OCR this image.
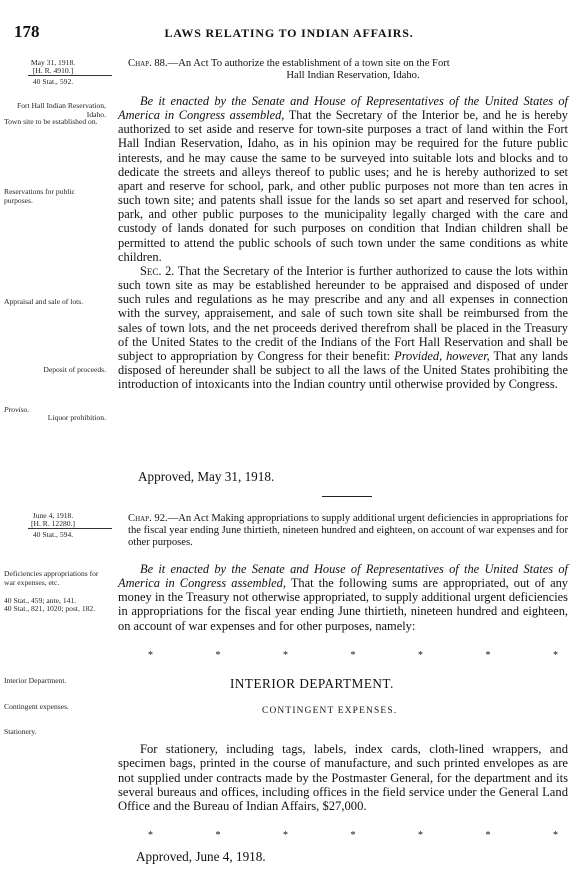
178	LAWS RELATING TO INDIAN AFFAIRS.
May 31, 1918.
[H. R. 4910.]
40 Stat., 592.
Fort Hall Indian Reservation, Idaho.
Town site to be established on.
Reservations for public purposes.
Appraisal and sale of lots.
Deposit of proceeds.
Proviso.
Liquor prohibition.
June 4, 1918.
[H. R. 12280.]
40 Stat., 594.
Deficiencies appropriations for war expenses, etc.
40 Stat., 459; ante, 141.
40 Stat., 821, 1020; post, 182.
Interior Department.
Contingent expenses.
Stationery.
Chap. 88.—An Act To authorize the establishment of a town site on the Fort
Hall Indian Reservation, Idaho.

Be it enacted by the Senate and House of Representatives of the United States of America in Congress assembled, That the Secretary of the Interior be, and he is hereby authorized to set aside and reserve for town-site purposes a tract of land within the Fort Hall Indian Reservation, Idaho, as in his opinion may be required for the future public interests, and he may cause the same to be surveyed into suitable lots and blocks and to dedicate the streets and alleys thereof to public uses; and he is hereby authorized to set apart and reserve for school, park, and other public purposes not more than ten acres in such town site; and patents shall issue for the lands so set apart and reserved for school, park, and other public purposes to the municipality legally charged with the care and custody of lands donated for such purposes on condition that Indian children shall be permitted to attend the public schools of such town under the same conditions as white children.

Sec. 2. That the Secretary of the Interior is further authorized to cause the lots within such town site as may be established hereunder to be appraised and disposed of under such rules and regulations as he may prescribe and any and all expenses in connection with the survey, appraisement, and sale of such town site shall be reimbursed from the sales of town lots, and the net proceeds derived therefrom shall be placed in the Treasury of the United States to the credit of the Indians of the Fort Hall Reservation and shall be subject to appropriation by Congress for their benefit: Provided, however, That any lands disposed of hereunder shall be subject to all the laws of the United States prohibiting the introduction of intoxicants into the Indian country until otherwise provided by Congress.

Approved, May 31, 1918.
Chap. 92.—An Act Making appropriations to supply additional urgent deficiencies in appropriations for the fiscal year ending June thirtieth, nineteen hundred and eighteen, on account of war expenses and for other purposes.

Be it enacted by the Senate and House of Representatives of the United States of America in Congress assembled, That the following sums are appropriated, out of any money in the Treasury not otherwise appropriated, to supply additional urgent deficiencies in appropriations for the fiscal year ending June thirtieth, nineteen hundred and eighteen, on account of war expenses and for other purposes, namely:

*	*	*	*	*	*	*
INTERIOR DEPARTMENT.
CONTINGENT EXPENSES.

For stationery, including tags, labels, index cards, cloth-lined wrappers, and specimen bags, printed in the course of manufacture, and such printed envelopes as are not supplied under contracts made by the Postmaster General, for the department and its several bureaus and offices, including offices in the field service under the General Land Office and the Bureau of Indian Affairs, $27,000.

*	*	*	*	*	*	*
Approved, June 4, 1918.
